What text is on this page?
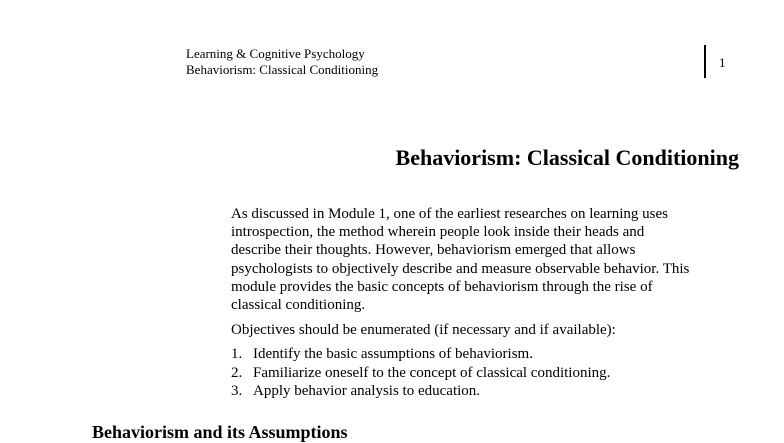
Learning & Cognitive Psychology
Behaviorism: Classical Conditioning	1
Behaviorism: Classical Conditioning

As discussed in Module 1, one of the earliest researches on learning uses
introspection, the method wherein people look inside their heads and
describe their thoughts. However, behaviorism emerged that allows
psychologists to objectively describe and measure observable behavior. This
module provides the basic concepts of behaviorism through the rise of
classical conditioning.

Objectives should be enumerated (if necessary and if available):
1. Identify the basic assumptions of behaviorism.
2. Familiarize oneself to the concept of classical conditioning.
3. Apply behavior analysis to education.
Behaviorism and its Assumptions
